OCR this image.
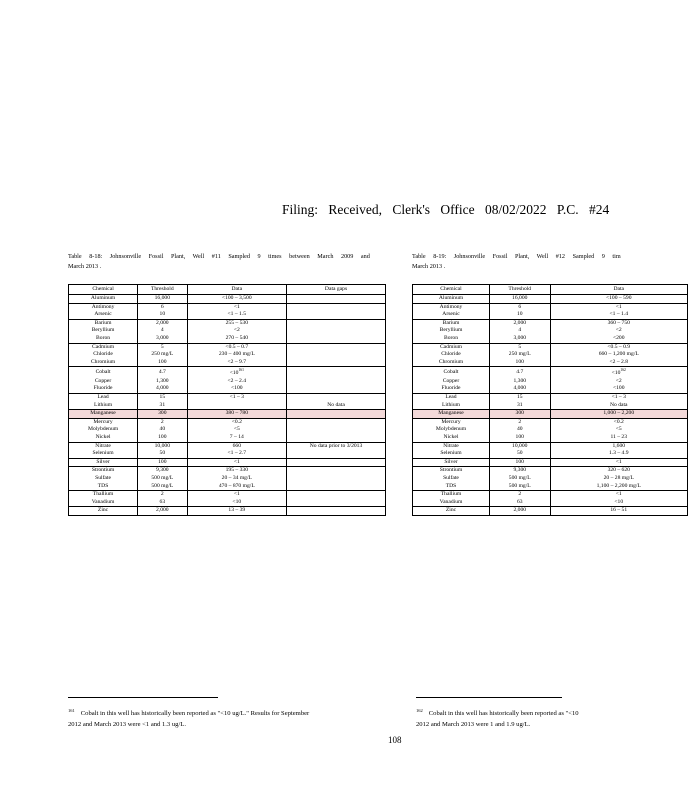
Filing: Received, Clerk's Office 08/02/2022 P.C. #24
Table 8-18: Johnsonville Fossil Plant, Well #11 Sampled 9 times between March 2009 and
March 2013 .
Chemical	Threshold	Data	Data gaps
Aluminum	16,000	<100 – 3,500	
Antimony	6	<1	
Arsenic	10	<1 – 1.5	
Barium	2,000	255 – 530	
Beryllium	4	<2	
Boron	3,000	270 – 540	
Cadmium	5	<0.5 – 0.7	
Chloride	250 mg/L	230 – 400 mg/L	
Chromium	100	<2 – 9.7	
Cobalt	4.7	$<10^{161}$	
Copper	1,300	<2 – 2.4	
Fluoride	4,000	<100	
Lead	15	<1 – 3	
Lithium	31		No data
Manganese	300	380 – 780	
Mercury	2	<0.2	
Molybdenum	40	<5	
Nickel	100	7 – 14	
Nitrate	10,000	660	No data prior to 3/2013
Selenium	50	<1 – 2.7	
Silver	100	<1	
Strontium	9,300	195 – 330	
Sulfate	500 mg/L	20 – 34 mg/L	
TDS	500 mg/L	470 – 870 mg/L	
Thallium	2	<1	
Vanadium	63	<10	
Zinc	2,000	13 – 39	
Table 8-19: Johnsonville Fossil Plant, Well #12 Sampled 9 tim
March 2013 .
Chemical	Threshold	Data
Aluminum	16,000	<100 – 590
Antimony	6	<1
Arsenic	10	<1 – 1.4
Barium	2,000	360 – 750
Beryllium	4	<2
Boron	3,000	<200
Cadmium	5	<0.5 – 0.9
Chloride	250 mg/L	660 – 1,200 mg/L
Chromium	100	<2 – 2.8
Cobalt	4.7	$<10^{162}$
Copper	1,300	<2
Fluoride	4,000	<100
Lead	15	<1 – 3
Lithium	31	No data
Manganese	300	1,000 – 2,200
Mercury	2	<0.2
Molybdenum	40	<5
Nickel	100	11 – 23
Nitrate	10,000	1,600
Selenium	50	1.3 – 4.9
Silver	100	<1
Strontium	9,300	320 – 620
Sulfate	500 mg/L	20 – 28 mg/L
TDS	500 mg/L	1,100 – 2,200 mg/L
Thallium	2	<1
Vanadium	63	<10
Zinc	2,000	16 – 51
$^{161}$ Cobalt in this well has historically been reported as "<10 ug/L." Results for September
2012 and March 2013 were <1 and 1.3 ug/L.
$^{162}$ Cobalt in this well has historically been reported as "<10
2012 and March 2013 were 1 and 1.9 ug/L.
108
